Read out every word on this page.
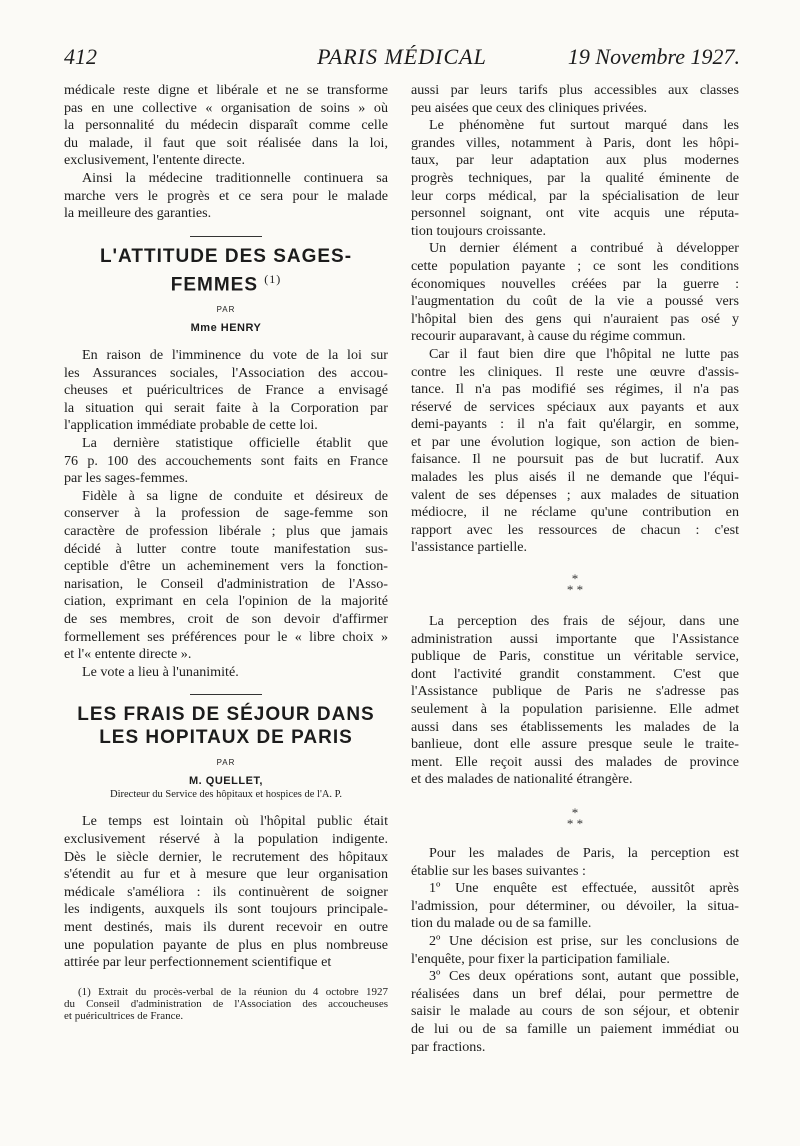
412	PARIS MÉDICAL	19 Novembre 1927.
médicale reste digne et libérale et ne se transforme
pas en une collective « organisation de soins » où
la personnalité du médecin disparaît comme celle
du malade, il faut que soit réalisée dans la loi,
exclusivement, l'entente directe.
Ainsi la médecine traditionnelle continuera sa
marche vers le progrès et ce sera pour le malade
la meilleure des garanties.
L'ATTITUDE DES SAGES-
FEMMES $^{(1)}$
PAR
Mme HENRY
En raison de l'imminence du vote de la loi sur
les Assurances sociales, l'Association des accou-
cheuses et puéricultrices de France a envisagé
la situation qui serait faite à la Corporation par
l'application immédiate probable de cette loi.
La dernière statistique officielle établit que
76 p. 100 des accouchements sont faits en France
par les sages-femmes.
Fidèle à sa ligne de conduite et désireux de
conserver à la profession de sage-femme son
caractère de profession libérale ; plus que jamais
décidé à lutter contre toute manifestation sus-
ceptible d'être un acheminement vers la fonction-
narisation, le Conseil d'administration de l'Asso-
ciation, exprimant en cela l'opinion de la majorité
de ses membres, croit de son devoir d'affirmer
formellement ses préférences pour le « libre choix »
et l'« entente directe ».
Le vote a lieu à l'unanimité.
LES FRAIS DE SÉJOUR DANS
LES HOPITAUX DE PARIS
PAR
M. QUELLET,
Directeur du Service des hôpitaux et hospices de l'A. P.
Le temps est lointain où l'hôpital public était
exclusivement réservé à la population indigente.
Dès le siècle dernier, le recrutement des hôpitaux
s'étendit au fur et à mesure que leur organisation
médicale s'améliora : ils continuèrent de soigner
les indigents, auxquels ils sont toujours principale-
ment destinés, mais ils durent recevoir en outre
une population payante de plus en plus nombreuse
attirée par leur perfectionnement scientifique et
(1) Extrait du procès-verbal de la réunion du 4 octobre 1927
du Conseil d'administration de l'Association des accoucheuses
et puéricultrices de France.
aussi par leurs tarifs plus accessibles aux classes
peu aisées que ceux des cliniques privées.
Le phénomène fut surtout marqué dans les
grandes villes, notamment à Paris, dont les hôpi-
taux, par leur adaptation aux plus modernes
progrès techniques, par la qualité éminente de
leur corps médical, par la spécialisation de leur
personnel soignant, ont vite acquis une réputa-
tion toujours croissante.
Un dernier élément a contribué à développer
cette population payante ; ce sont les conditions
économiques nouvelles créées par la guerre :
l'augmentation du coût de la vie a poussé vers
l'hôpital bien des gens qui n'auraient pas osé y
recourir auparavant, à cause du régime commun.
Car il faut bien dire que l'hôpital ne lutte pas
contre les cliniques. Il reste une œuvre d'assis-
tance. Il n'a pas modifié ses régimes, il n'a pas
réservé de services spéciaux aux payants et aux
demi-payants : il n'a fait qu'élargir, en somme,
et par une évolution logique, son action de bien-
faisance. Il ne poursuit pas de but lucratif. Aux
malades les plus aisés il ne demande que l'équi-
valent de ses dépenses ; aux malades de situation
médiocre, il ne réclame qu'une contribution en
rapport avec les ressources de chacun : c'est
l'assistance partielle.
*
* *
La perception des frais de séjour, dans une
administration aussi importante que l'Assistance
publique de Paris, constitue un véritable service,
dont l'activité grandit constamment. C'est que
l'Assistance publique de Paris ne s'adresse pas
seulement à la population parisienne. Elle admet
aussi dans ses établissements les malades de la
banlieue, dont elle assure presque seule le traite-
ment. Elle reçoit aussi des malades de province
et des malades de nationalité étrangère.
*
* *
Pour les malades de Paris, la perception est
établie sur les bases suivantes :
1º Une enquête est effectuée, aussitôt après
l'admission, pour déterminer, ou dévoiler, la situa-
tion du malade ou de sa famille.
2º Une décision est prise, sur les conclusions de
l'enquête, pour fixer la participation familiale.
3º Ces deux opérations sont, autant que possible,
réalisées dans un bref délai, pour permettre de
saisir le malade au cours de son séjour, et obtenir
de lui ou de sa famille un paiement immédiat ou
par fractions.
